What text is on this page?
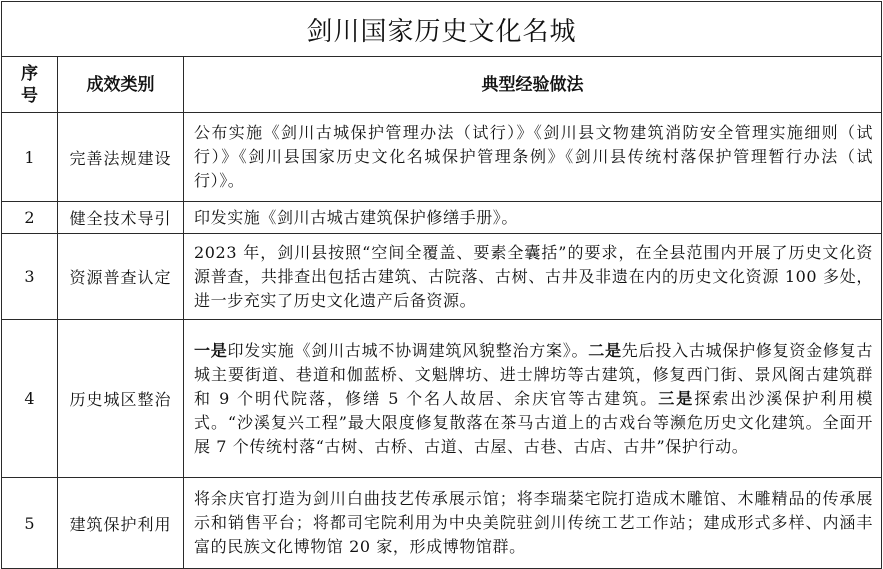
剑川国家历史文化名城		
序号	成效类别	典型经验做法
1	完善法规建设	公布实施《剑川古城保护管理办法（试行）》《剑川县文物建筑消防安全管理实施细则（试行）》《剑川县国家历史文化名城保护管理条例》《剑川县传统村落保护管理暂行办法（试行）》。
2	健全技术导引	印发实施《剑川古城古建筑保护修缮手册》。
3	资源普查认定	2023 年，剑川县按照“空间全覆盖、要素全囊括”的要求，在全县范围内开展了历史文化资源普查，共排查出包括古建筑、古院落、古树、古井及非遗在内的历史文化资源 100 多处，进一步充实了历史文化遗产后备资源。
4	历史城区整治	一是印发实施《剑川古城不协调建筑风貌整治方案》。二是先后投入古城保护修复资金修复古城主要街道、巷道和伽蓝桥、文魁牌坊、进士牌坊等古建筑，修复西门街、景风阁古建筑群和 9 个明代院落，修缮 5 个名人故居、余庆官等古建筑。三是探索出沙溪保护利用模式。“沙溪复兴工程”最大限度修复散落在茶马古道上的古戏台等濒危历史文化建筑。全面开展 7 个传统村落“古树、古桥、古道、古屋、古巷、古店、古井”保护行动。
5	建筑保护利用	将余庆官打造为剑川白曲技艺传承展示馆；将李瑞棻宅院打造成木雕馆、木雕精品的传承展示和销售平台；将都司宅院利用为中央美院驻剑川传统工艺工作站；建成形式多样、内涵丰富的民族文化博物馆 20 家，形成博物馆群。
